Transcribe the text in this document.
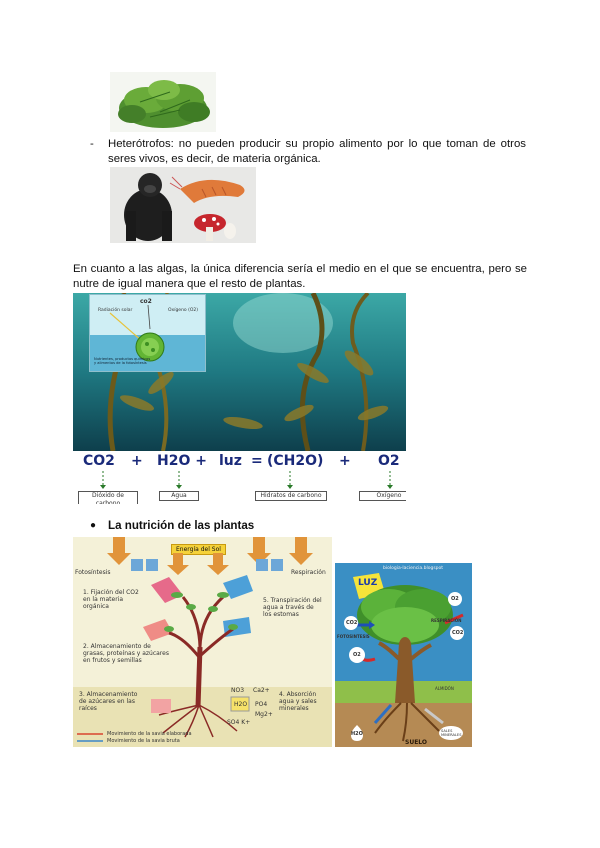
- Heterótrofos: no pueden producir su propio alimento por lo que toman de otros seres vivos, es decir, de materia orgánica.
En cuanto a las algas, la única diferencia sería el medio en el que se encuentra, pero se nutre de igual manera que el resto de plantas.
co2
Radiación solar	Oxígeno (O2)
Nutrientes, productos químicos y alimentos de la fotosíntesis
CO2 + H2O + luz = (CH2O) + O2
Dióxido de carbono
Agua	Hidratos de carbono	Oxígeno
● La nutrición de las plantas
Energía del Sol
Fotosíntesis	Respiración
1. Fijación del CO2 en la materia orgánica
5. Transpiración del agua a través de los estomas
2. Almacenamiento de grasas, proteínas y azúcares en frutos y semillas
3. Almacenamiento de azúcares en las raíces
4. Absorción agua y sales minerales
NO3 Ca2+
H2O PO4
Mg2+
SO4 K+
Movimiento de la savia elaborada
Movimiento de la savia bruta
biologia-laciencia.blogspot
LUZ
CO2
O2
FOTOSINTESIS
RESPIRACIÓN
CO2
O2
ALMIDÓN
H2O	SALES MINERALES
SUELO
